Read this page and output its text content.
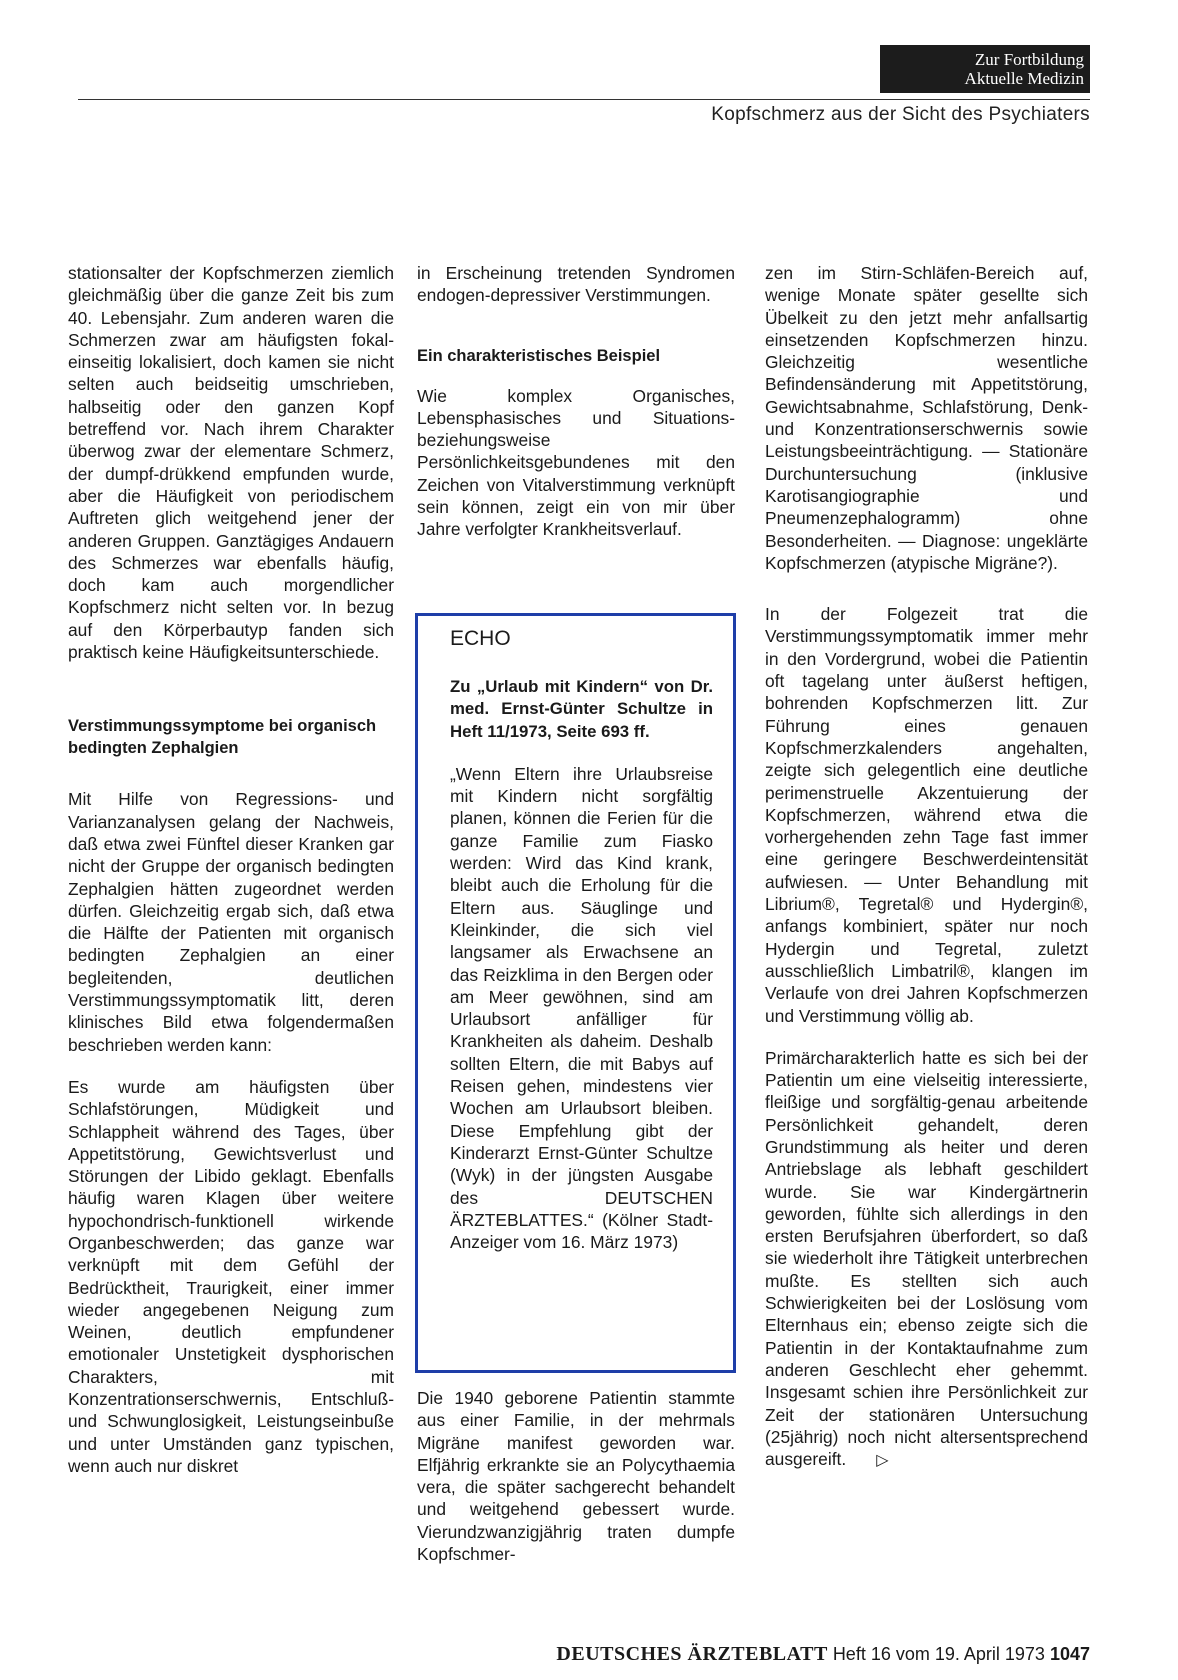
Zur Fortbildung
Aktuelle Medizin
Kopfschmerz aus der Sicht des Psychiaters

stationsalter der Kopfschmerzen ziemlich gleichmäßig über die ganze Zeit bis zum 40. Lebensjahr. Zum anderen waren die Schmerzen zwar am häufigsten fokal-einseitig lokalisiert, doch kamen sie nicht selten auch beidseitig umschrieben, halbseitig oder den ganzen Kopf betreffend vor. Nach ihrem Charakter überwog zwar der elementare Schmerz, der dumpf-drükkend empfunden wurde, aber die Häufigkeit von periodischem Auftreten glich weitgehend jener der anderen Gruppen. Ganztägiges Andauern des Schmerzes war ebenfalls häufig, doch kam auch morgendlicher Kopfschmerz nicht selten vor. In bezug auf den Körperbautyp fanden sich praktisch keine Häufigkeitsunterschiede.

Verstimmungssymptome bei organisch bedingten Zephalgien

Mit Hilfe von Regressions- und Varianzanalysen gelang der Nachweis, daß etwa zwei Fünftel dieser Kranken gar nicht der Gruppe der organisch bedingten Zephalgien hätten zugeordnet werden dürfen. Gleichzeitig ergab sich, daß etwa die Hälfte der Patienten mit organisch bedingten Zephalgien an einer begleitenden, deutlichen Verstimmungssymptomatik litt, deren klinisches Bild etwa folgendermaßen beschrieben werden kann:

Es wurde am häufigsten über Schlafstörungen, Müdigkeit und Schlappheit während des Tages, über Appetitstörung, Gewichtsverlust und Störungen der Libido geklagt. Ebenfalls häufig waren Klagen über weitere hypochondrisch-funktionell wirkende Organbeschwerden; das ganze war verknüpft mit dem Gefühl der Bedrücktheit, Traurigkeit, einer immer wieder angegebenen Neigung zum Weinen, deutlich empfundener emotionaler Unstetigkeit dysphorischen Charakters, mit Konzentrationserschwernis, Entschluß- und Schwunglosigkeit, Leistungseinbuße und unter Umständen ganz typischen, wenn auch nur diskret

in Erscheinung tretenden Syndromen endogen-depressiver Verstimmungen.

Ein charakteristisches Beispiel

Wie komplex Organisches, Lebensphasisches und Situations- beziehungsweise Persönlichkeitsgebundenes mit den Zeichen von Vitalverstimmung verknüpft sein können, zeigt ein von mir über Jahre verfolgter Krankheitsverlauf.

Die 1940 geborene Patientin stammte aus einer Familie, in der mehrmals Migräne manifest geworden war. Elfjährig erkrankte sie an Polycythaemia vera, die später sachgerecht behandelt und weitgehend gebessert wurde. Vierundzwanzigjährig traten dumpfe Kopfschmer-

ECHO
Zu „Urlaub mit Kindern“ von Dr. med. Ernst-Günter Schultze in Heft 11/1973, Seite 693 ff.
„Wenn Eltern ihre Urlaubsreise mit Kindern nicht sorgfältig planen, können die Ferien für die ganze Familie zum Fiasko werden: Wird das Kind krank, bleibt auch die Erholung für die Eltern aus. Säuglinge und Kleinkinder, die sich viel langsamer als Erwachsene an das Reizklima in den Bergen oder am Meer gewöhnen, sind am Urlaubsort anfälliger für Krankheiten als daheim. Deshalb sollten Eltern, die mit Babys auf Reisen gehen, mindestens vier Wochen am Urlaubsort bleiben. Diese Empfehlung gibt der Kinderarzt Ernst-Günter Schultze (Wyk) in der jüngsten Ausgabe des DEUTSCHEN ÄRZTEBLATTES.“ (Kölner Stadt-Anzeiger vom 16. März 1973)

zen im Stirn-Schläfen-Bereich auf, wenige Monate später gesellte sich Übelkeit zu den jetzt mehr anfallsartig einsetzenden Kopfschmerzen hinzu. Gleichzeitig wesentliche Befindensänderung mit Appetitstörung, Gewichtsabnahme, Schlafstörung, Denk- und Konzentrationserschwernis sowie Leistungsbeeinträchtigung. — Stationäre Durchuntersuchung (inklusive Karotisangiographie und Pneumenzephalogramm) ohne Besonderheiten. — Diagnose: ungeklärte Kopfschmerzen (atypische Migräne?).

In der Folgezeit trat die Verstimmungssymptomatik immer mehr in den Vordergrund, wobei die Patientin oft tagelang unter äußerst heftigen, bohrenden Kopfschmerzen litt. Zur Führung eines genauen Kopfschmerzkalenders angehalten, zeigte sich gelegentlich eine deutliche perimenstruelle Akzentuierung der Kopfschmerzen, während etwa die vorhergehenden zehn Tage fast immer eine geringere Beschwerdeintensität aufwiesen. — Unter Behandlung mit Librium®, Tegretal® und Hydergin®, anfangs kombiniert, später nur noch Hydergin und Tegretal, zuletzt ausschließlich Limbatril®, klangen im Verlaufe von drei Jahren Kopfschmerzen und Verstimmung völlig ab.

Primärcharakterlich hatte es sich bei der Patientin um eine vielseitig interessierte, fleißige und sorgfältig-genau arbeitende Persönlichkeit gehandelt, deren Grundstimmung als heiter und deren Antriebslage als lebhaft geschildert wurde. Sie war Kindergärtnerin geworden, fühlte sich allerdings in den ersten Berufsjahren überfordert, so daß sie wiederholt ihre Tätigkeit unterbrechen mußte. Es stellten sich auch Schwierigkeiten bei der Loslösung vom Elternhaus ein; ebenso zeigte sich die Patientin in der Kontaktaufnahme zum anderen Geschlecht eher gehemmt. Insgesamt schien ihre Persönlichkeit zur Zeit der stationären Untersuchung (25jährig) noch nicht altersentsprechend ausgereift. ▷

DEUTSCHES ÄRZTEBLATT Heft 16 vom 19. April 1973 1047
